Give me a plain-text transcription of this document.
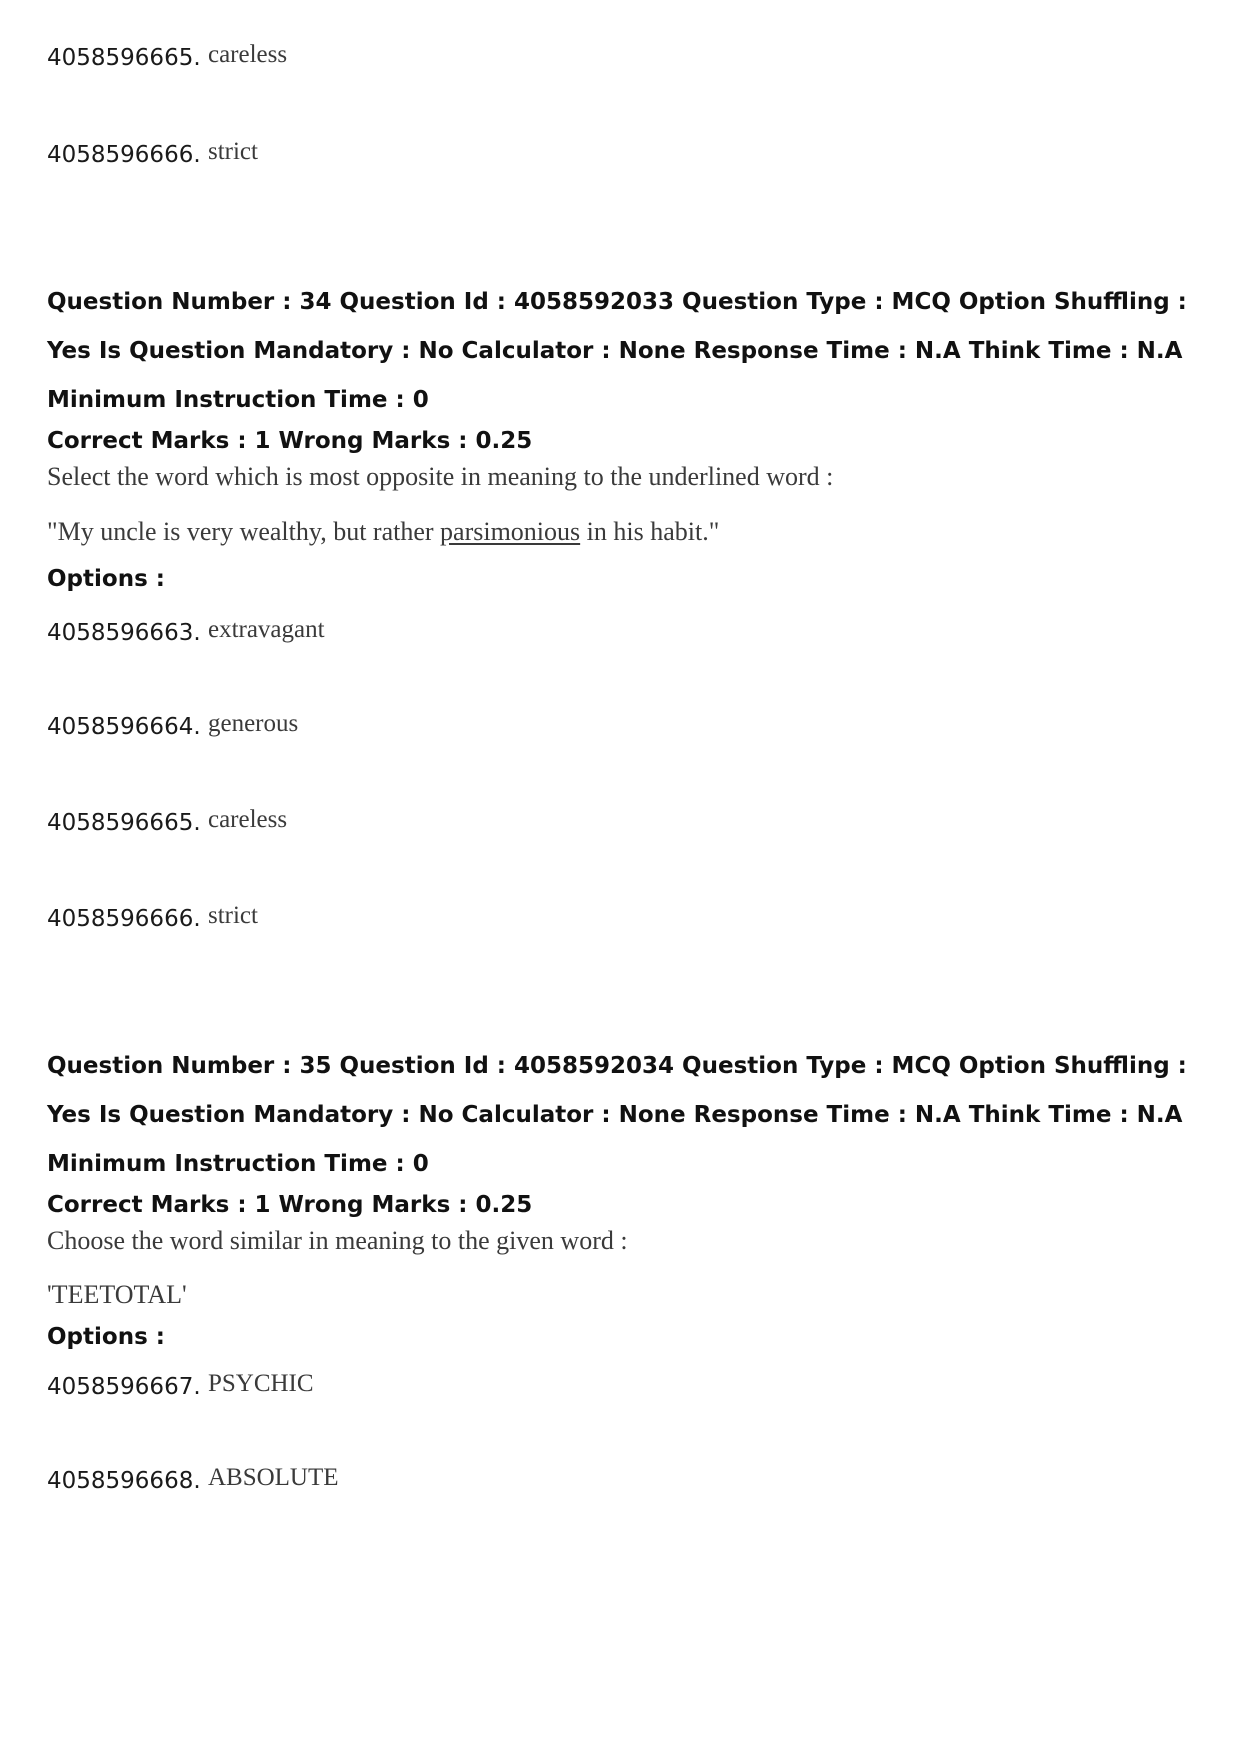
4058596665. careless
4058596666. strict
Question Number : 34 Question Id : 4058592033 Question Type : MCQ Option Shuffling : Yes Is Question Mandatory : No Calculator : None Response Time : N.A Think Time : N.A Minimum Instruction Time : 0
Correct Marks : 1 Wrong Marks : 0.25
Select the word which is most opposite in meaning to the underlined word :
"My uncle is very wealthy, but rather parsimonious in his habit."
Options :
4058596663. extravagant
4058596664. generous
4058596665. careless
4058596666. strict
Question Number : 35 Question Id : 4058592034 Question Type : MCQ Option Shuffling : Yes Is Question Mandatory : No Calculator : None Response Time : N.A Think Time : N.A Minimum Instruction Time : 0
Correct Marks : 1 Wrong Marks : 0.25
Choose the word similar in meaning to the given word :
'TEETOTAL'
Options :
4058596667. PSYCHIC
4058596668. ABSOLUTE
